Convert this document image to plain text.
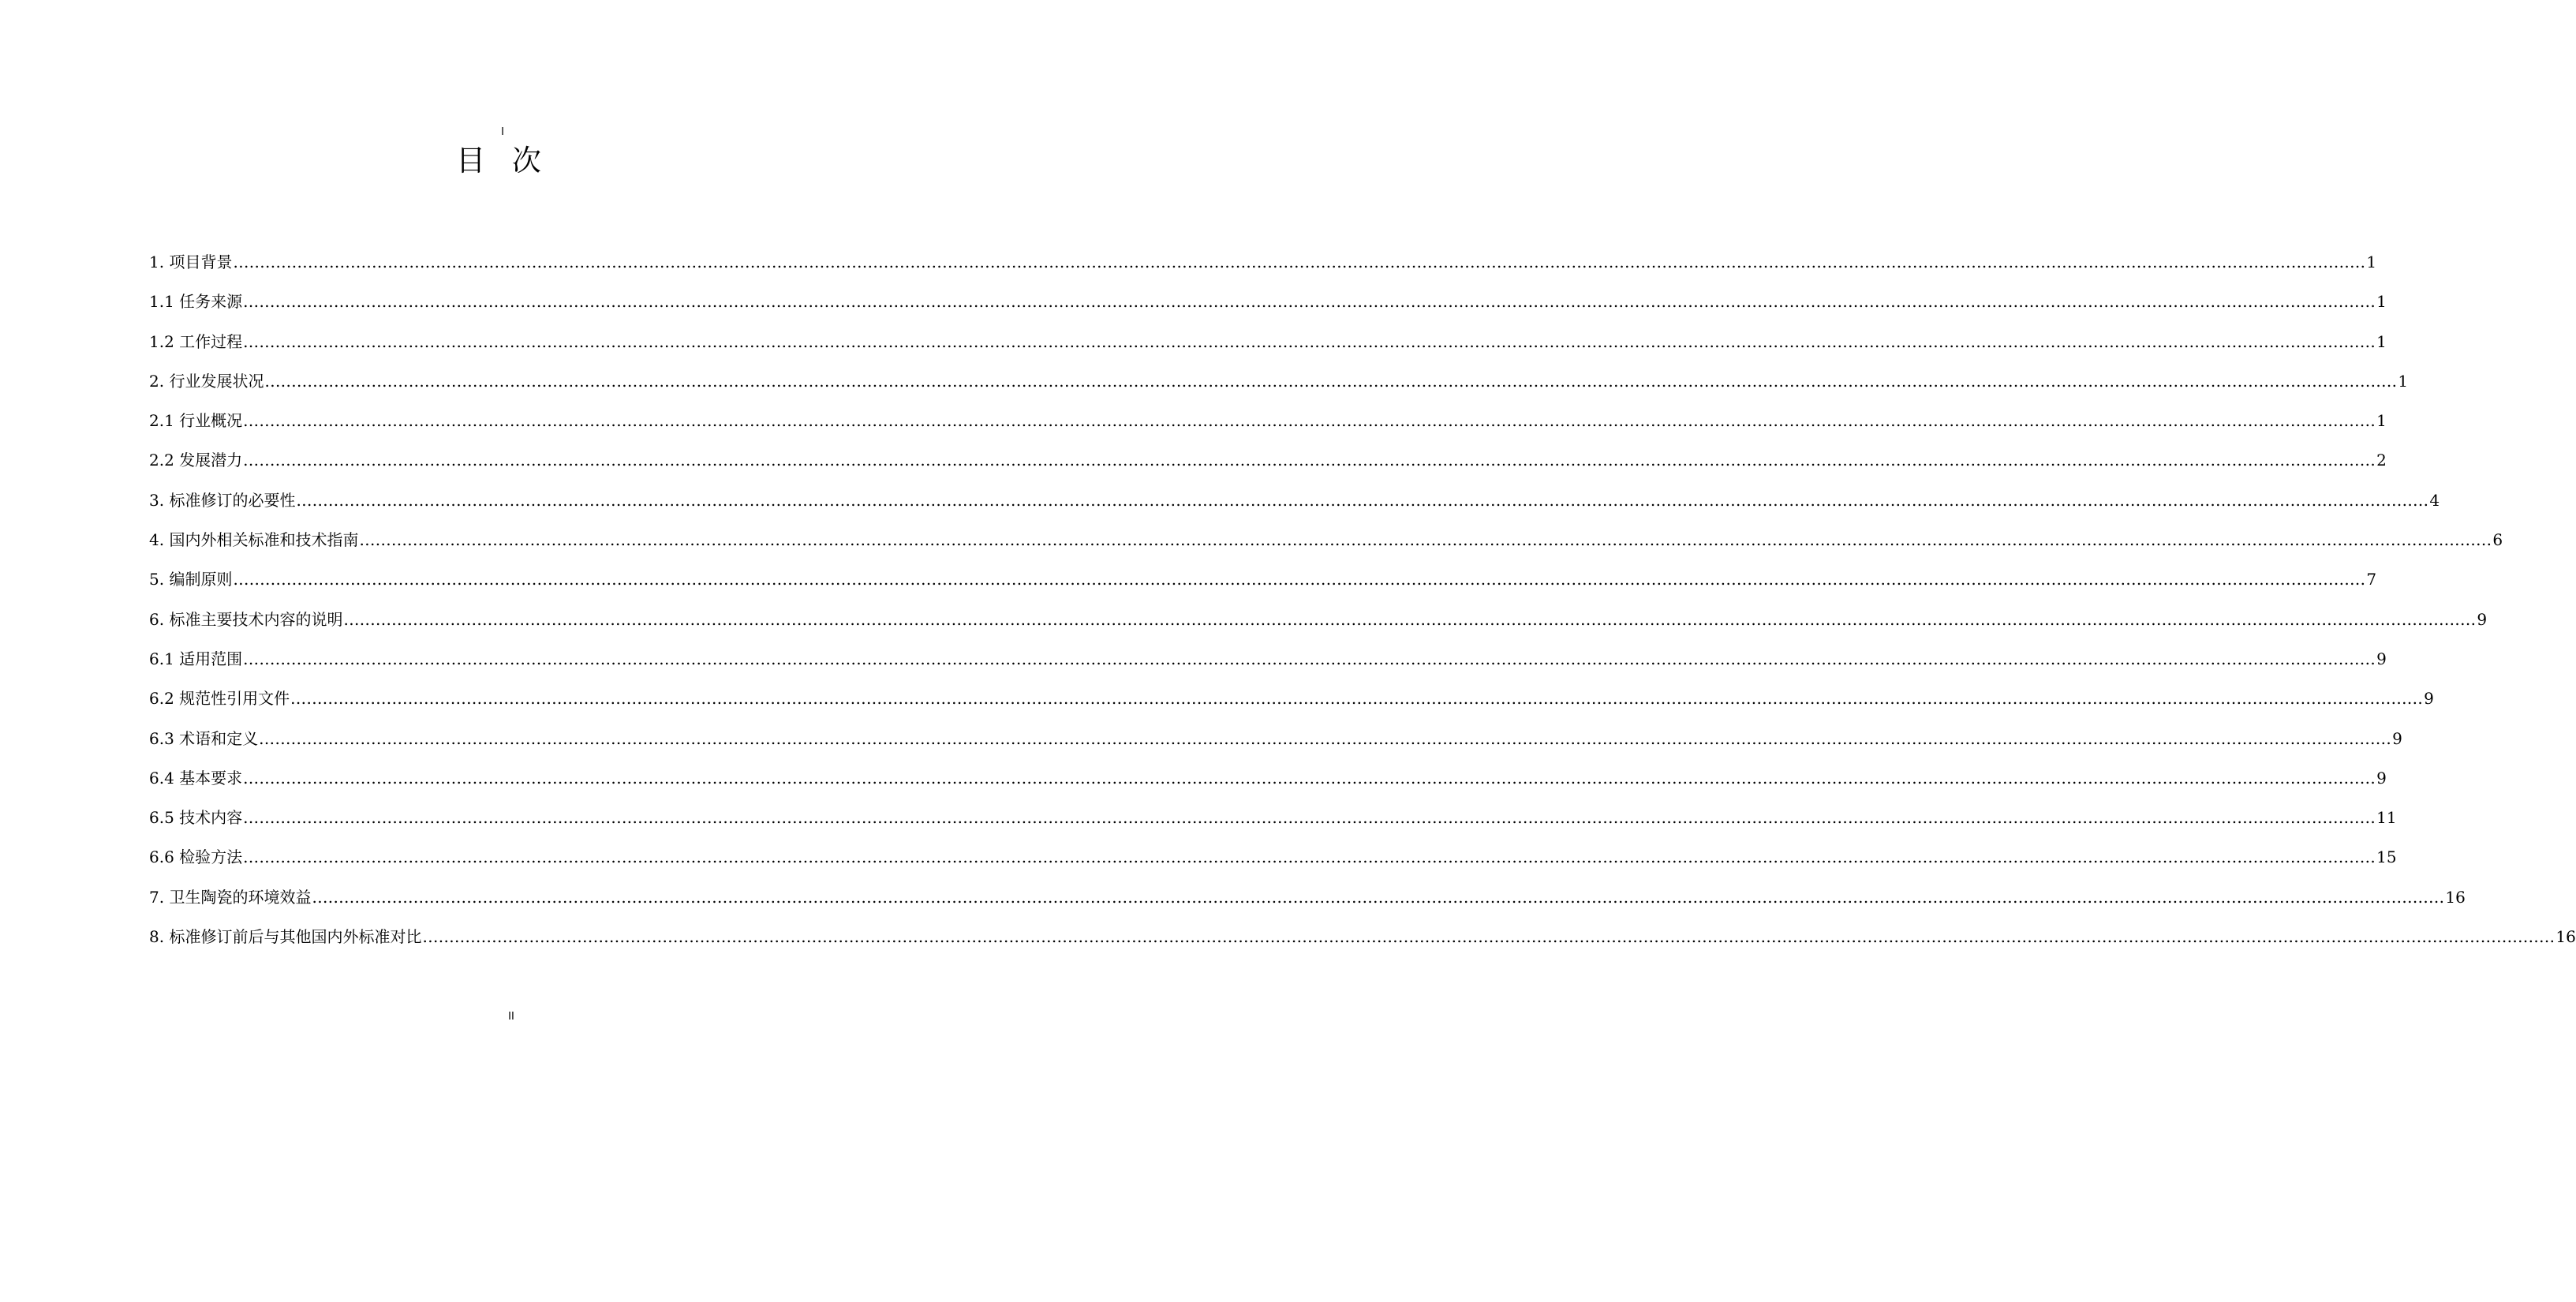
I
目 次
1. 项目背景 ................................................................................................................................................................................................................................................................................................................................................................................................................ 1
1.1 任务来源 ................................................................................................................................................................................................................................................................................................................................................................................................................ 1
1.2 工作过程 ................................................................................................................................................................................................................................................................................................................................................................................................................ 1
2. 行业发展状况 ................................................................................................................................................................................................................................................................................................................................................................................................................ 1
2.1 行业概况 ................................................................................................................................................................................................................................................................................................................................................................................................................ 1
2.2 发展潜力 ................................................................................................................................................................................................................................................................................................................................................................................................................ 2
3. 标准修订的必要性 ................................................................................................................................................................................................................................................................................................................................................................................................................ 4
4. 国内外相关标准和技术指南 ................................................................................................................................................................................................................................................................................................................................................................................................................ 6
5. 编制原则 ................................................................................................................................................................................................................................................................................................................................................................................................................ 7
6. 标准主要技术内容的说明 ................................................................................................................................................................................................................................................................................................................................................................................................................ 9
6.1 适用范围 ................................................................................................................................................................................................................................................................................................................................................................................................................ 9
6.2 规范性引用文件 ................................................................................................................................................................................................................................................................................................................................................................................................................ 9
6.3 术语和定义 ................................................................................................................................................................................................................................................................................................................................................................................................................ 9
6.4 基本要求 ................................................................................................................................................................................................................................................................................................................................................................................................................ 9
6.5 技术内容 ................................................................................................................................................................................................................................................................................................................................................................................................................ 11
6.6 检验方法 ................................................................................................................................................................................................................................................................................................................................................................................................................ 15
7. 卫生陶瓷的环境效益 ................................................................................................................................................................................................................................................................................................................................................................................................................ 16
8. 标准修订前后与其他国内外标准对比 ................................................................................................................................................................................................................................................................................................................................................................................................................ 16
II
